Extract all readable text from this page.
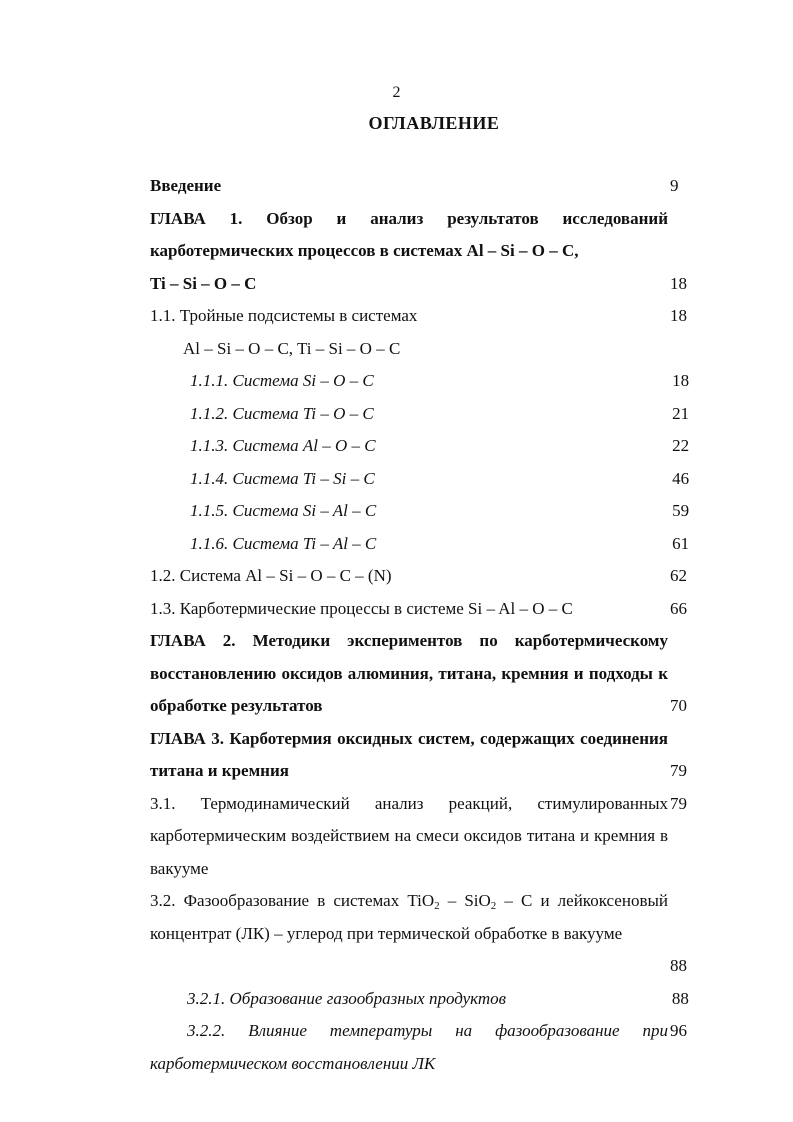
2
ОГЛАВЛЕНИЕ
Введение	9
ГЛАВА 1. Обзор и анализ результатов исследований карботермических процессов в системах Al – Si – O – C,
Ti – Si – O – C	18
1.1. Тройные подсистемы в системах
Al – Si – O – C, Ti – Si – O – C
18
1.1.1. Система Si – O – C	18
1.1.2. Система Ti – O – C	21
1.1.3. Система Al – O – C	22
1.1.4. Система Ti – Si – C	46
1.1.5. Система Si – Al – C	59
1.1.6. Система Ti – Al – C	61
1.2. Система Al – Si – O – C – (N)	62
1.3. Карботермические процессы в системе Si – Al – O – C	66
ГЛАВА 2. Методики экспериментов по карботермическому восстановлению оксидов алюминия, титана, кремния и подходы к обработке результатов	70
ГЛАВА 3. Карботермия оксидных систем, содержащих соединения титана и кремния	79
3.1. Термодинамический анализ реакций, стимулированных карботермическим воздействием на смеси оксидов титана и кремния в вакууме
79
3.2. Фазообразование в системах TiO$_2$ – SiO$_2$ – C и лейкоксеновый концентрат (ЛК) – углерод при термической обработке в вакууме
88
3.2.1. Образование газообразных продуктов	88
3.2.2. Влияние температуры на фазообразование при карботермическом восстановлении ЛК
96
